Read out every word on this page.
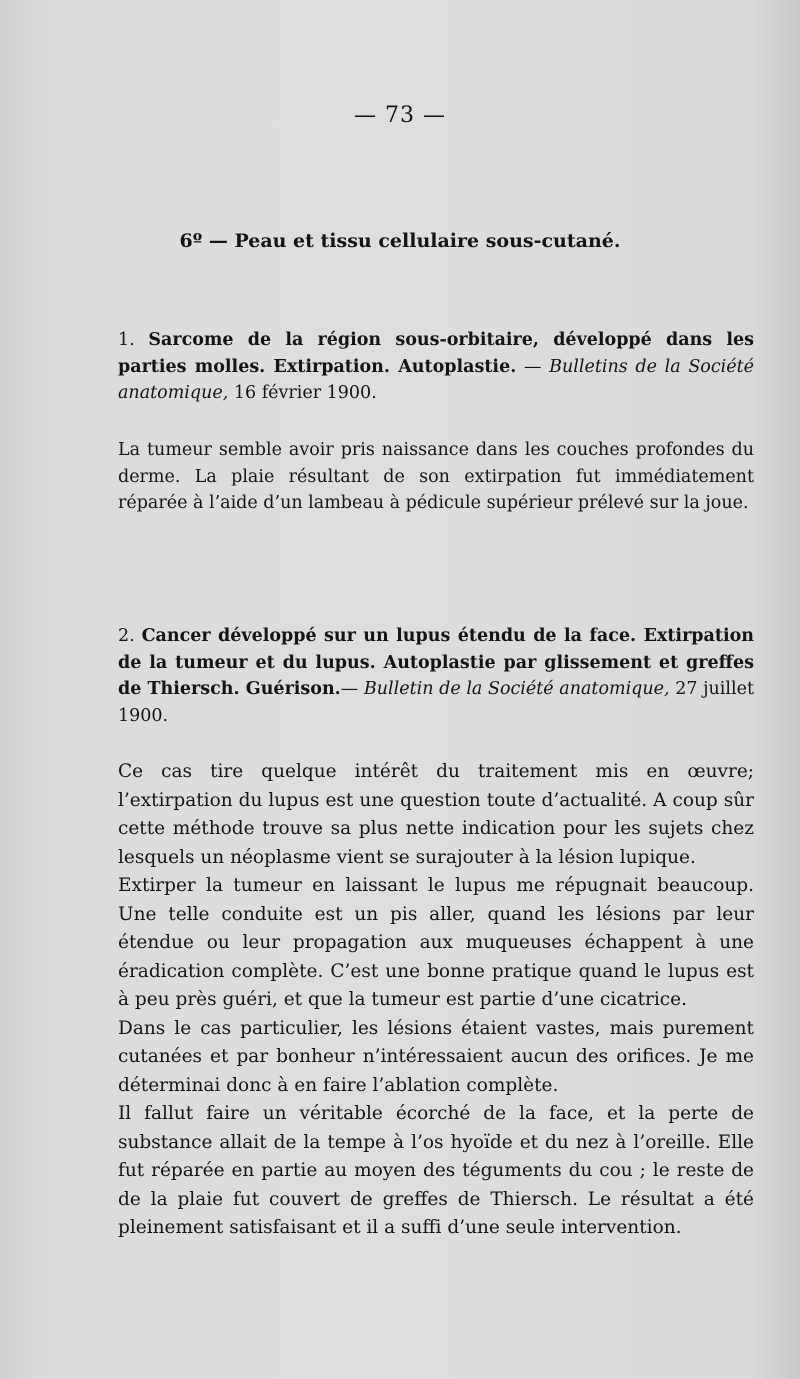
— 73 —
6º — Peau et tissu cellulaire sous-cutané.
1. Sarcome de la région sous-orbitaire, développé dans les parties molles. Extirpation. Autoplastie. — Bulletins de la Société anatomique, 16 février 1900.

La tumeur semble avoir pris naissance dans les couches profondes du derme. La plaie résultant de son extirpation fut immédiatement réparée à l’aide d’un lambeau à pédicule supérieur prélevé sur la joue.

2. Cancer développé sur un lupus étendu de la face. Extirpation de la tumeur et du lupus. Autoplastie par glissement et greffes de Thiersch. Guérison.— Bulletin de la Société anatomique, 27 juillet 1900.

Ce cas tire quelque intérêt du traitement mis en œuvre; l’extirpation du lupus est une question toute d’actualité. A coup sûr cette méthode trouve sa plus nette indication pour les sujets chez lesquels un néoplasme vient se surajouter à la lésion lupique.

Extirper la tumeur en laissant le lupus me répugnait beaucoup. Une telle conduite est un pis aller, quand les lésions par leur étendue ou leur propagation aux muqueuses échappent à une éradication complète. C’est une bonne pratique quand le lupus est à peu près guéri, et que la tumeur est partie d’une cicatrice.

Dans le cas particulier, les lésions étaient vastes, mais purement cutanées et par bonheur n’intéressaient aucun des orifices. Je me déterminai donc à en faire l’ablation complète.

Il fallut faire un véritable écorché de la face, et la perte de substance allait de la tempe à l’os hyoïde et du nez à l’oreille. Elle fut réparée en partie au moyen des téguments du cou ; le reste de de la plaie fut couvert de greffes de Thiersch. Le résultat a été pleinement satisfaisant et il a suffi d’une seule intervention.
